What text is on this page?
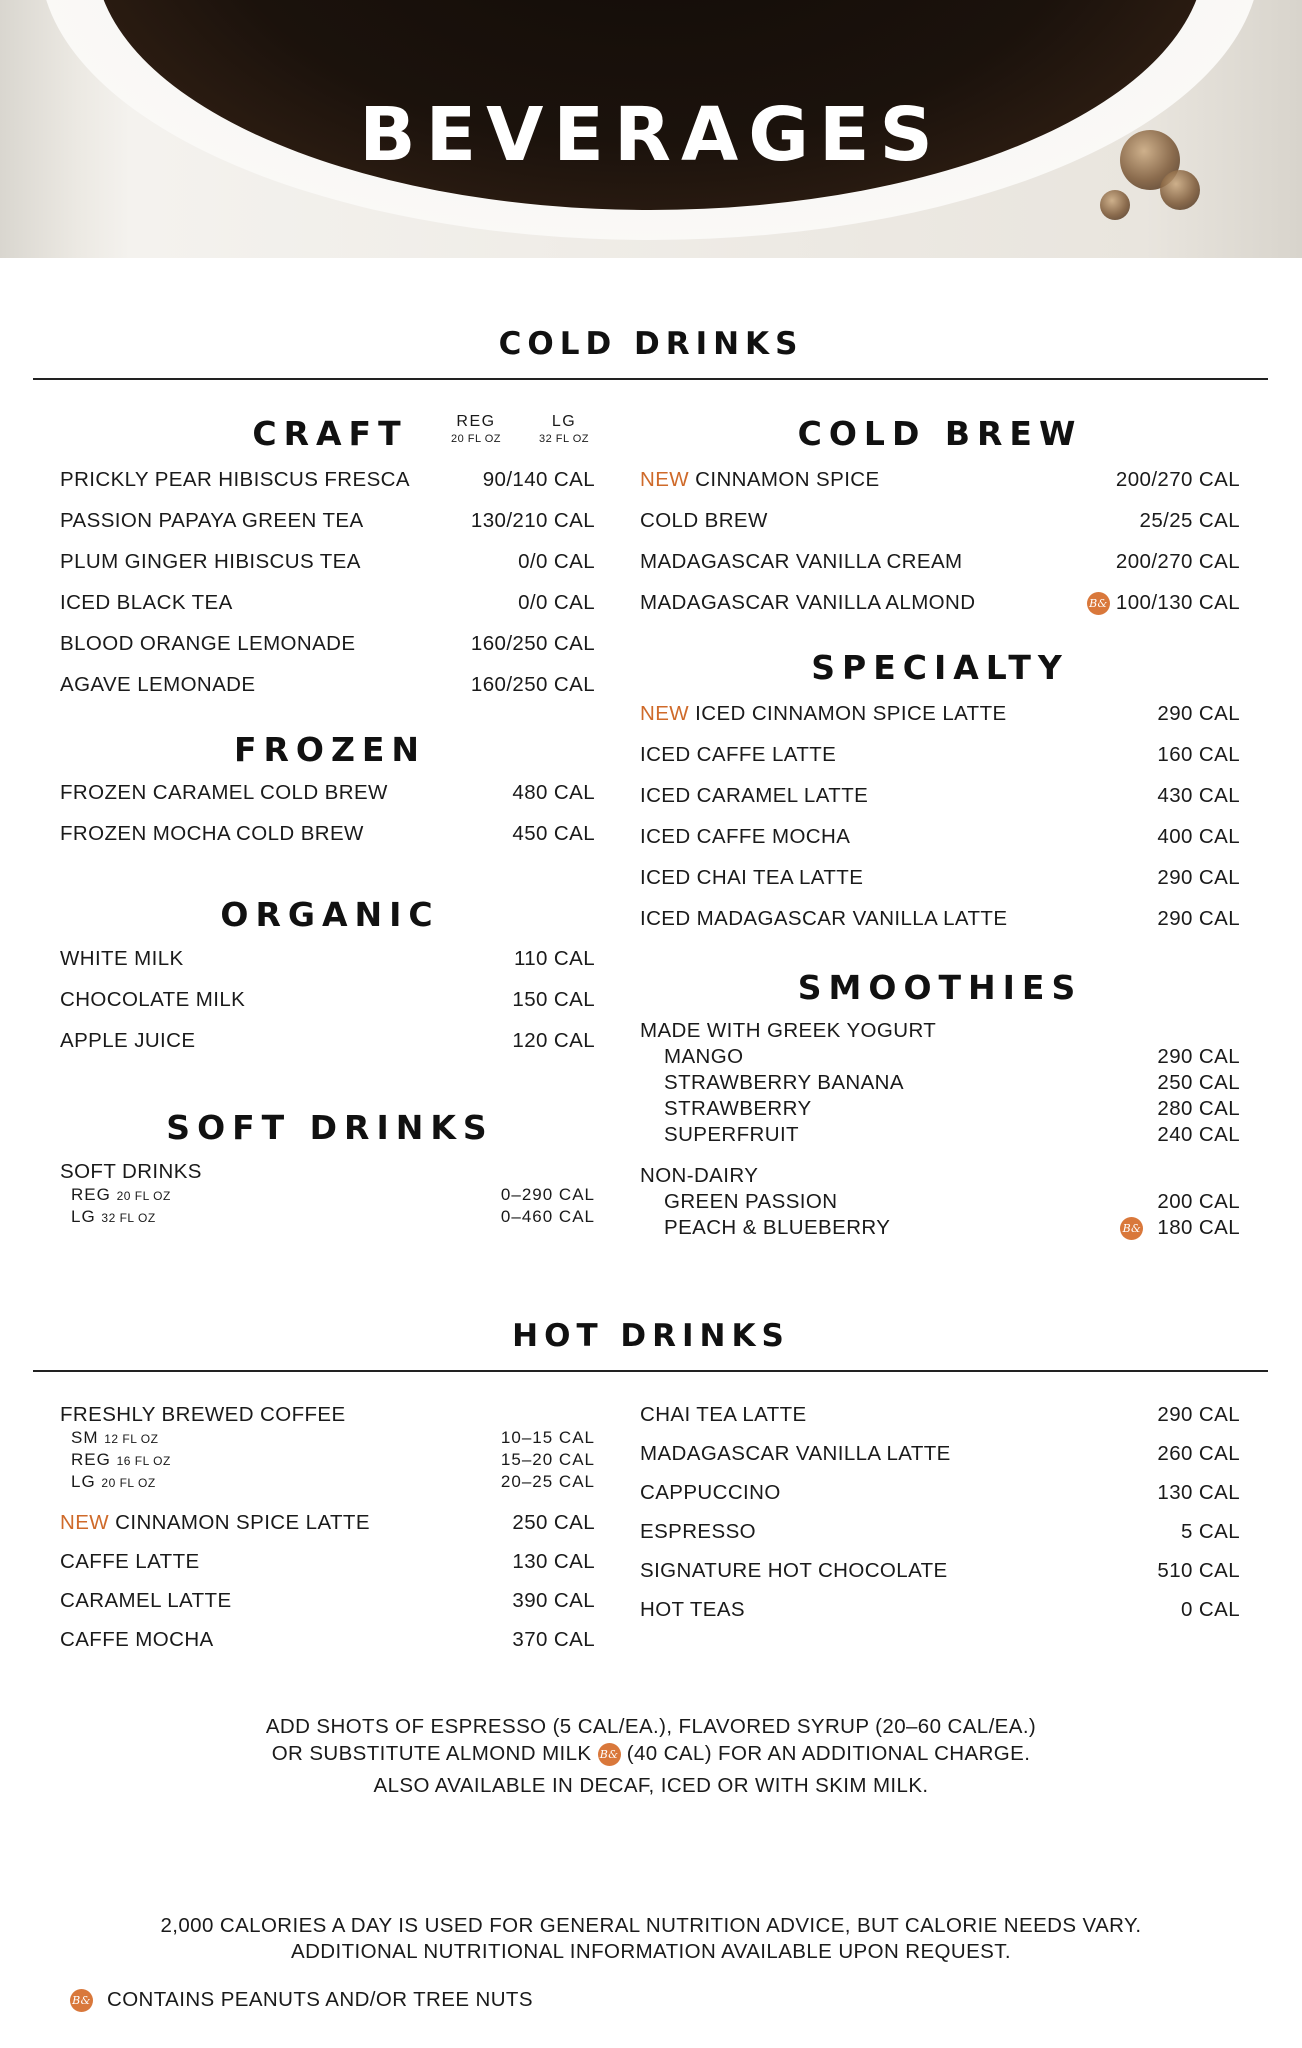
BEVERAGES
COLD DRINKS
CRAFT	REG
20 FL OZ
LG
32 FL OZ
PRICKLY PEAR HIBISCUS FRESCA	90/140 CAL
PASSION PAPAYA GREEN TEA	130/210 CAL
PLUM GINGER HIBISCUS TEA	0/0 CAL
ICED BLACK TEA	0/0 CAL
BLOOD ORANGE LEMONADE	160/250 CAL
AGAVE LEMONADE	160/250 CAL
FROZEN
FROZEN CARAMEL COLD BREW	480 CAL
FROZEN MOCHA COLD BREW	450 CAL
ORGANIC
WHITE MILK	110 CAL
CHOCOLATE MILK	150 CAL
APPLE JUICE	120 CAL
SOFT DRINKS
SOFT DRINKS
REG 20 FL OZ	0–290 CAL
LG 32 FL OZ	0–460 CAL
COLD BREW
NEW CINNAMON SPICE	200/270 CAL
COLD BREW	25/25 CAL
MADAGASCAR VANILLA CREAM	200/270 CAL
MADAGASCAR VANILLA ALMOND	B& 100/130 CAL
SPECIALTY
NEW ICED CINNAMON SPICE LATTE	290 CAL
ICED CAFFE LATTE	160 CAL
ICED CARAMEL LATTE	430 CAL
ICED CAFFE MOCHA	400 CAL
ICED CHAI TEA LATTE	290 CAL
ICED MADAGASCAR VANILLA LATTE	290 CAL
SMOOTHIES
MADE WITH GREEK YOGURT
MANGO	290 CAL
STRAWBERRY BANANA	250 CAL
STRAWBERRY	280 CAL
SUPERFRUIT	240 CAL
NON-DAIRY
GREEN PASSION	200 CAL
PEACH & BLUEBERRY	B& 180 CAL
HOT DRINKS
FRESHLY BREWED COFFEE
SM 12 FL OZ	10–15 CAL
REG 16 FL OZ	15–20 CAL
LG 20 FL OZ	20–25 CAL
NEW CINNAMON SPICE LATTE	250 CAL
CAFFE LATTE	130 CAL
CARAMEL LATTE	390 CAL
CAFFE MOCHA	370 CAL
CHAI TEA LATTE	290 CAL
MADAGASCAR VANILLA LATTE	260 CAL
CAPPUCCINO	130 CAL
ESPRESSO	5 CAL
SIGNATURE HOT CHOCOLATE	510 CAL
HOT TEAS	0 CAL
ADD SHOTS OF ESPRESSO (5 CAL/EA.), FLAVORED SYRUP (20–60 CAL/EA.)
OR SUBSTITUTE ALMOND MILK B& (40 CAL) FOR AN ADDITIONAL CHARGE.
ALSO AVAILABLE IN DECAF, ICED OR WITH SKIM MILK.
2,000 CALORIES A DAY IS USED FOR GENERAL NUTRITION ADVICE, BUT CALORIE NEEDS VARY.
ADDITIONAL NUTRITIONAL INFORMATION AVAILABLE UPON REQUEST.
B& CONTAINS PEANUTS AND/OR TREE NUTS
